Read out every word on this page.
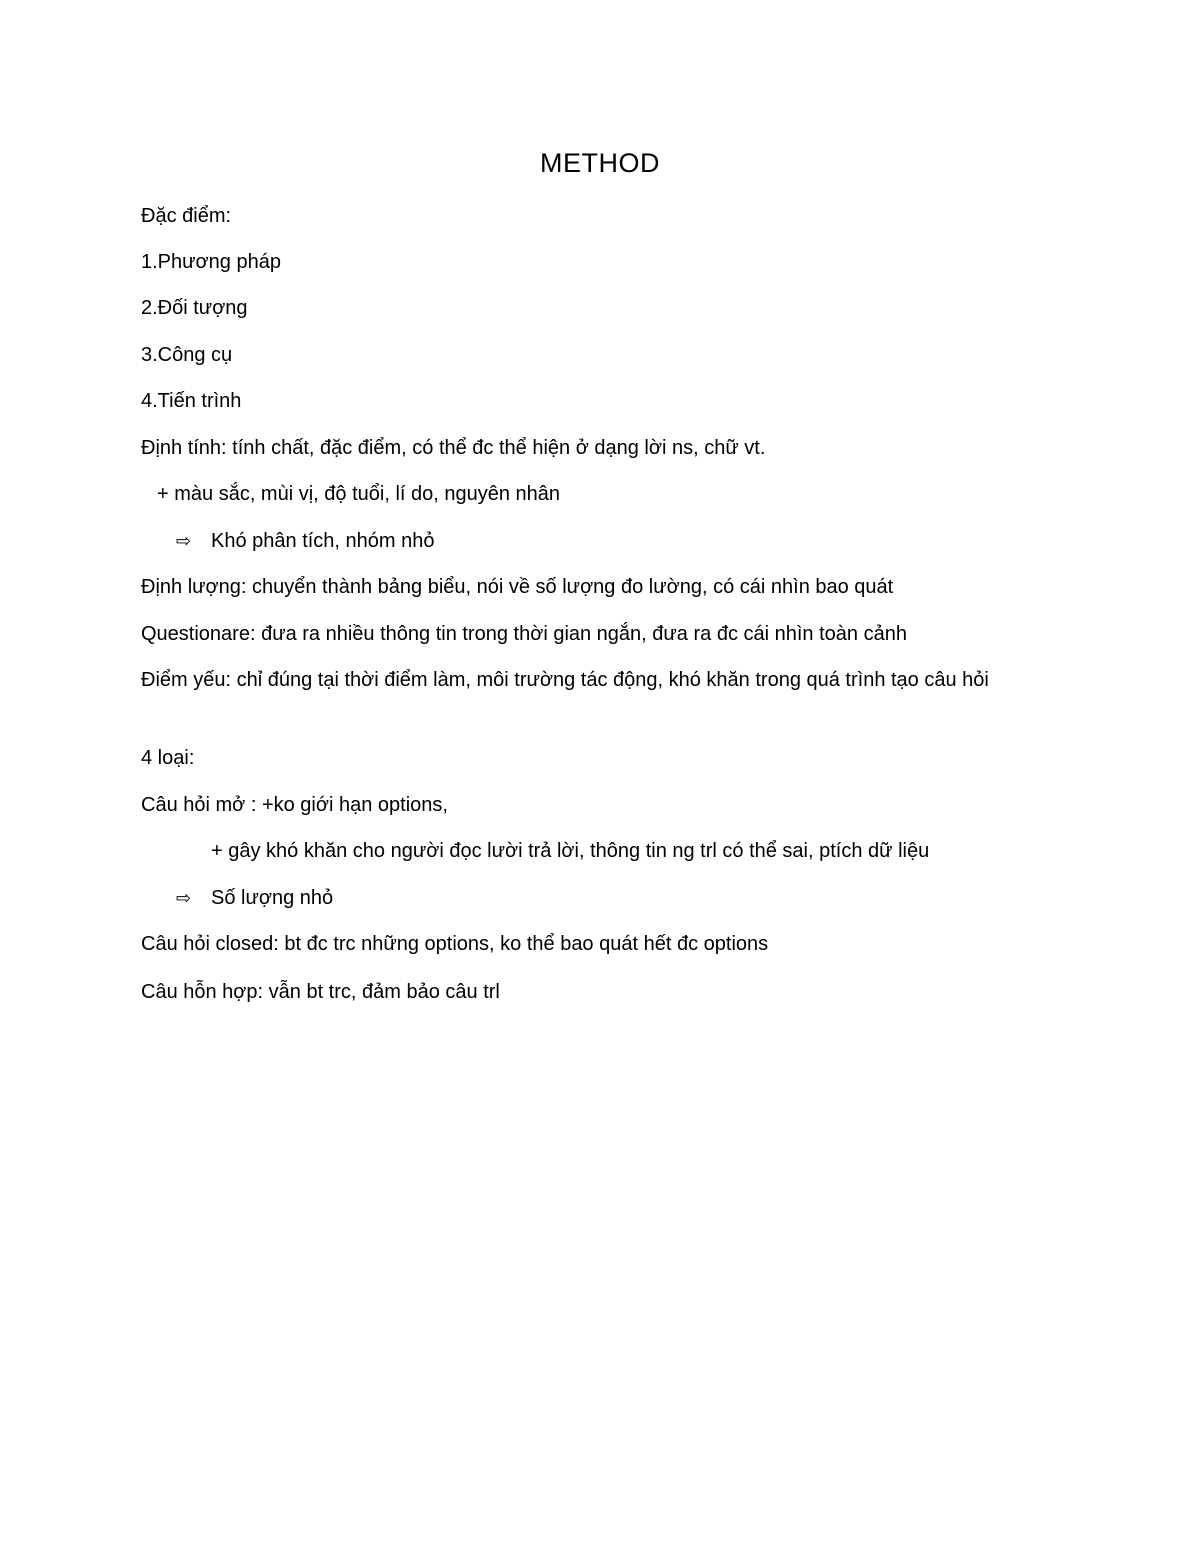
METHOD
Đặc điểm:
1.Phương pháp
2.Đối tượng
3.Công cụ
4.Tiến trình
Định tính: tính chất, đặc điểm, có thể đc thể hiện ở dạng lời ns, chữ vt.
+ màu sắc, mùi vị, độ tuổi, lí do, nguyên nhân
⇨ Khó phân tích, nhóm nhỏ
Định lượng: chuyển thành bảng biểu, nói về số lượng đo lường, có cái nhìn bao quát
Questionare: đưa ra nhiều thông tin trong thời gian ngắn, đưa ra đc cái nhìn toàn cảnh
Điểm yếu: chỉ đúng tại thời điểm làm, môi trường tác động, khó khăn trong quá trình tạo câu hỏi
4 loại:
Câu hỏi mở : +ko giới hạn options,
+ gây khó khăn cho người đọc lười trả lời, thông tin ng trl có thể sai, ptích dữ liệu
⇨ Số lượng nhỏ
Câu hỏi closed: bt đc trc những options, ko thể bao quát hết đc options
Câu hỗn hợp: vẫn bt trc, đảm bảo câu trl
